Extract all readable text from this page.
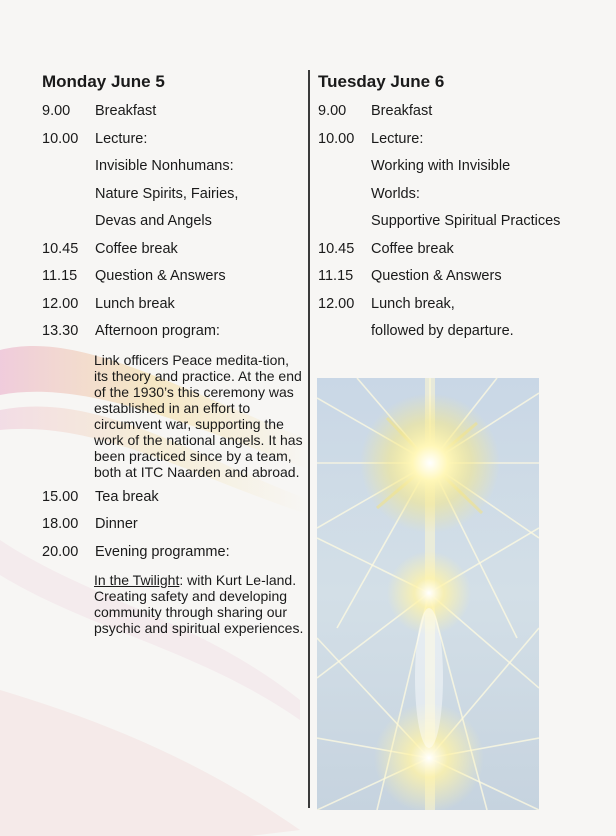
Monday June 5
9.00	Breakfast
10.00	Lecture:
Invisible Nonhumans:
Nature Spirits, Fairies,
Devas and Angels
10.45	Coffee break
11.15	Question & Answers
12.00	Lunch break
13.30	Afternoon program:
Link officers Peace medita-tion, its theory and practice. At the end of the 1930’s this ceremony was established in an effort to circumvent war, supporting the work of the national angels. It has been practiced since by a team, both at ITC Naarden and abroad.
15.00	Tea break
18.00	Dinner
20.00	Evening programme:
In the Twilight: with Kurt Le-land. Creating safety and developing community through sharing our psychic and spiritual experiences.
Tuesday June 6
9.00	Breakfast
10.00	Lecture:
Working with Invisible
Worlds:
Supportive Spiritual Practices
10.45	Coffee break
11.15	Question & Answers
12.00	Lunch break,
followed by departure.
